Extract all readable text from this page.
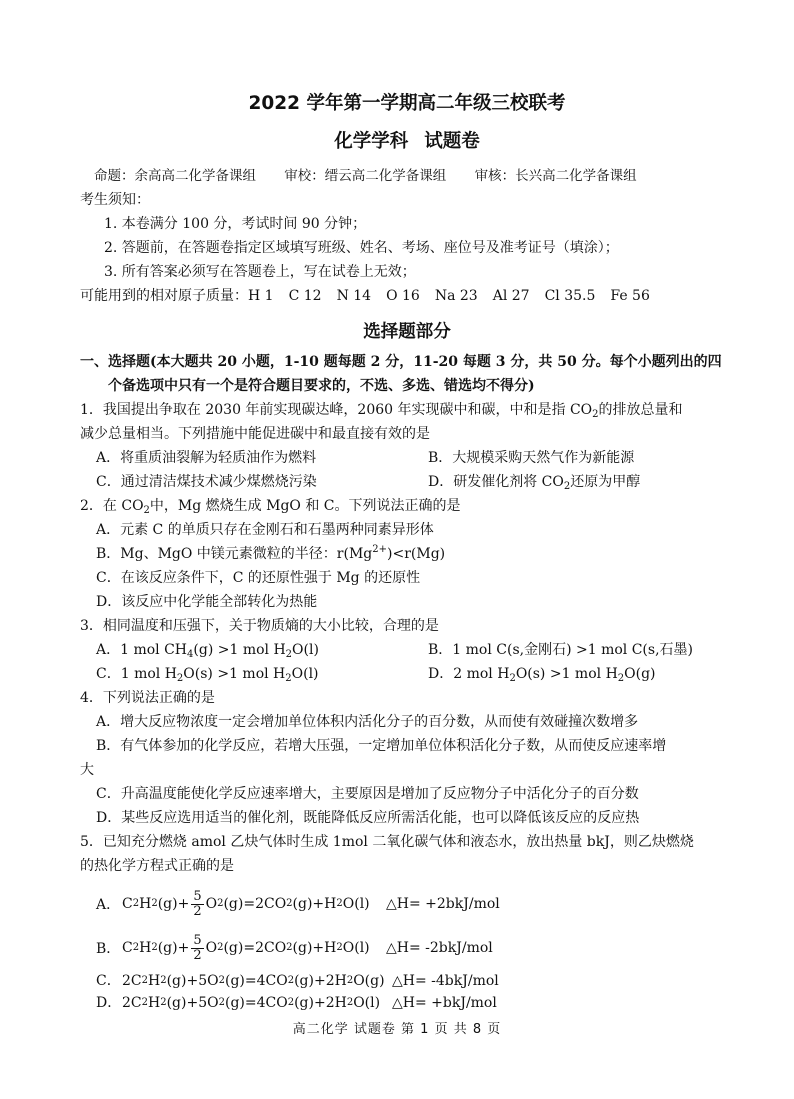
2022 学年第一学期高二年级三校联考
化学学科 试题卷
命题：余高高二化学备课组 审校：缙云高二化学备课组 审核：长兴高二化学备课组
考生须知：
1. 本卷满分 100 分，考试时间 90 分钟；
2. 答题前，在答题卷指定区域填写班级、姓名、考场、座位号及准考证号（填涂）；
3. 所有答案必须写在答题卷上，写在试卷上无效；
可能用到的相对原子质量：H 1 C 12 N 14 O 16 Na 23 Al 27 Cl 35.5 Fe 56
选择题部分
一、选择题(本大题共 20 小题，1-10 题每题 2 分，11-20 每题 3 分，共 50 分。每个小题列出的四
个备选项中只有一个是符合题目要求的，不选、多选、错选均不得分)
1．我国提出争取在 2030 年前实现碳达峰，2060 年实现碳中和碳，中和是指 $CO_2$的排放总量和
减少总量相当。下列措施中能促进碳中和最直接有效的是
A．将重质油裂解为轻质油作为燃料	B．大规模采购天然气作为新能源
C．通过清洁煤技术减少煤燃烧污染	D．研发催化剂将 $CO_2$还原为甲醇
2．在 $CO_2$中，Mg 燃烧生成 MgO 和 C。下列说法正确的是
A．元素 C 的单质只存在金刚石和石墨两种同素异形体
B．Mg、MgO 中镁元素微粒的半径：$r(Mg^{2+})<r(Mg)$
C．在该反应条件下，C 的还原性强于 Mg 的还原性
D．该反应中化学能全部转化为热能
3．相同温度和压强下，关于物质熵的大小比较，合理的是
A．1 mol $CH_4(g) >1$ mol $H_2O(l)$	B．1 mol C(s,金刚石) >1 mol C(s,石墨)
C．1 mol $H_2O(s) >1$ mol $H_2O(l)$	D．2 mol $H_2O(s) >1$ mol $H_2O(g)$
4．下列说法正确的是
A．增大反应物浓度一定会增加单位体积内活化分子的百分数，从而使有效碰撞次数增多
B．有气体参加的化学反应，若增大压强，一定增加单位体积活化分子数，从而使反应速率增
大
C．升高温度能使化学反应速率增大，主要原因是增加了反应物分子中活化分子的百分数
D．某些反应选用适当的催化剂，既能降低反应所需活化能，也可以降低该反应的反应热
5．已知充分燃烧 amol 乙炔气体时生成 1mol 二氧化碳气体和液态水，放出热量 bkJ，则乙炔燃烧
的热化学方程式正确的是
A． C 2 H 2 $(g)+ \frac{5}{2}$ O 2 (g)=2CO 2 (g)+H 2 O(l) △H= +2bkJ/mol
B． C 2 H 2 $(g)+ \frac{5}{2}$ O 2 (g)=2CO 2 (g)+H 2 O(l) △H= -2bkJ/mol
C． 2C 2 H 2 (g)+5O 2 (g)=4CO 2 (g)+2H 2 O(g) △H= -4bkJ/mol
D． 2C 2 H 2 (g)+5O 2 (g)=4CO 2 (g)+2H 2 O(l) △H= +bkJ/mol
高二化学 试题卷 第 1 页 共 8 页
